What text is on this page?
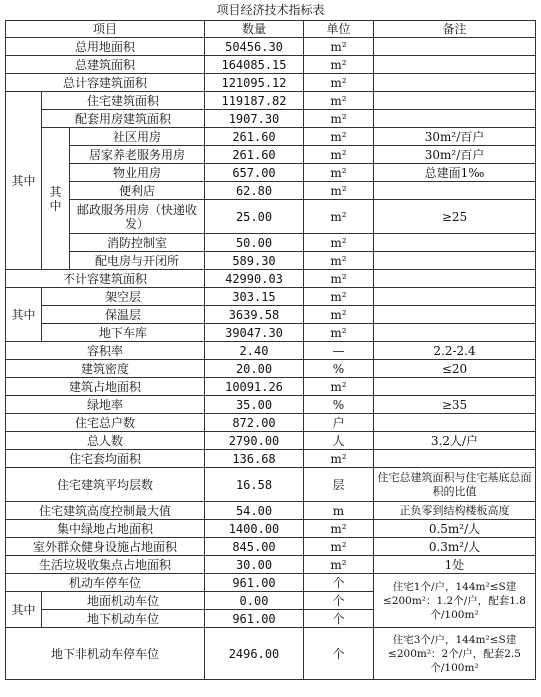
项目经济技术指标表
项目			数量	单位	备注
总用地面积			50456.30	m²	
总建筑面积			164085.15	m²	
总计容建筑面积			121095.12	m²	
其中	住宅建筑面积		119187.82	m²	
	配套用房建筑面积		1907.30	m²	
	其中	社区用房	261.60	m²	30m²/百户
		居家养老服务用房	261.60	m²	30m²/百户
		物业用房	657.00	m²	总建面1‰
		便利店	62.80	m²	
		邮政服务用房（快递收发）	25.00	m²	≥25
		消防控制室	50.00	m²	
		配电房与开闭所	589.30	m²	
不计容建筑面积			42990.03	m²	
其中	架空层		303.15	m²	
	保温层		3639.58	m²	
	地下车库		39047.30	m²	
容积率			2.40	—	2.2-2.4
建筑密度			20.00	%	≤20
建筑占地面积			10091.26	m²	
绿地率			35.00	%	≥35
住宅总户数			872.00	户	
总人数			2790.00	人	3.2人/户
住宅套均面积			136.68	m²	
住宅建筑平均层数			16.58	层	住宅总建筑面积与住宅基底总面积的比值
住宅建筑高度控制最大值			54.00	m	正负零到结构楼板高度
集中绿地占地面积			1400.00	m²	0.5m²/人
室外群众健身设施占地面积			845.00	m²	0.3m²/人
生活垃圾收集点占地面积			30.00	m²	1处
机动车停车位			961.00	个	住宅1个/户，144m²≤S建≤200m²：1.2个/户，配套1.8个/100m²
其中	地面机动车位		0.00	个	
	地下机动车位		961.00	个	
地下非机动车停车位			2496.00	个	住宅3个/户，144m²≤S建≤200m²：2个/户，配套2.5个/100m²
